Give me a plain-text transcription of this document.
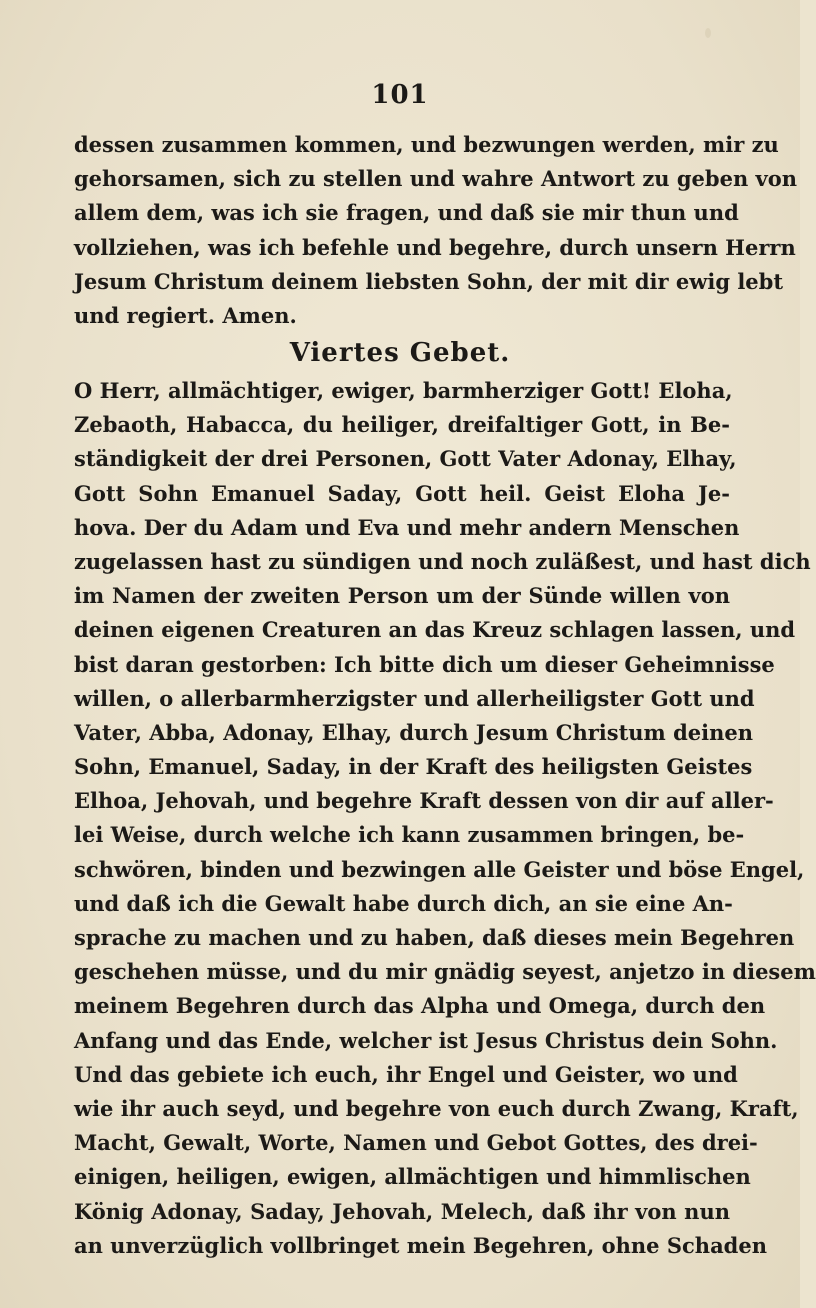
101
dessen zusammen kommen, und bezwungen werden, mir zu
gehorsamen, sich zu stellen und wahre Antwort zu geben von
allem dem, was ich sie fragen, und daß sie mir thun und
vollziehen, was ich befehle und begehre, durch unsern Herrn
Jesum Christum deinem liebsten Sohn, der mit dir ewig lebt
und regiert. Amen.
Viertes Gebet.
O Herr, allmächtiger, ewiger, barmherziger Gott! Eloha,
Zebaoth, Habacca, du heiliger, dreifaltiger Gott, in Be-
ständigkeit der drei Personen, Gott Vater Adonay, Elhay,
Gott Sohn Emanuel Saday, Gott heil. Geist Eloha Je-
hova. Der du Adam und Eva und mehr andern Menschen
zugelassen hast zu sündigen und noch zuläßest, und hast dich
im Namen der zweiten Person um der Sünde willen von
deinen eigenen Creaturen an das Kreuz schlagen lassen, und
bist daran gestorben: Ich bitte dich um dieser Geheimnisse
willen, o allerbarmherzigster und allerheiligster Gott und
Vater, Abba, Adonay, Elhay, durch Jesum Christum deinen
Sohn, Emanuel, Saday, in der Kraft des heiligsten Geistes
Elhoa, Jehovah, und begehre Kraft dessen von dir auf aller-
lei Weise, durch welche ich kann zusammen bringen, be-
schwören, binden und bezwingen alle Geister und böse Engel,
und daß ich die Gewalt habe durch dich, an sie eine An-
sprache zu machen und zu haben, daß dieses mein Begehren
geschehen müsse, und du mir gnädig seyest, anjetzo in diesem
meinem Begehren durch das Alpha und Omega, durch den
Anfang und das Ende, welcher ist Jesus Christus dein Sohn.
Und das gebiete ich euch, ihr Engel und Geister, wo und
wie ihr auch seyd, und begehre von euch durch Zwang, Kraft,
Macht, Gewalt, Worte, Namen und Gebot Gottes, des drei-
einigen, heiligen, ewigen, allmächtigen und himmlischen
König Adonay, Saday, Jehovah, Melech, daß ihr von nun
an unverzüglich vollbringet mein Begehren, ohne Schaden
